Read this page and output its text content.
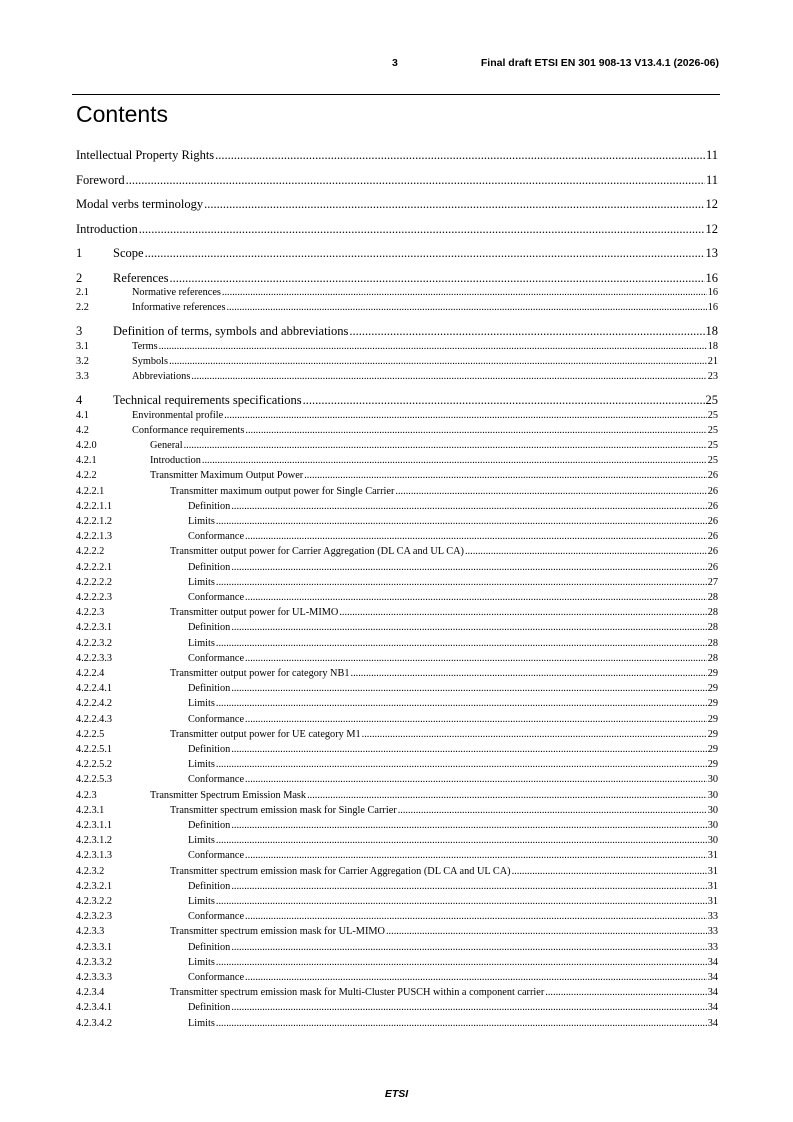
3	Final draft ETSI EN 301 908-13 V13.4.1 (2026-06)
Contents
Intellectual Property Rights .....	11
Foreword .....	11
Modal verbs terminology .....	12
Introduction .....	12
1	Scope .....	13
2	References .....	16
2.1	Normative references .....	16
2.2	Informative references .....	16
3	Definition of terms, symbols and abbreviations .....	18
3.1	Terms .....	18
3.2	Symbols .....	21
3.3	Abbreviations .....	23
4	Technical requirements specifications .....	25
4.1	Environmental profile .....	25
4.2	Conformance requirements .....	25
4.2.0	General .....	25
4.2.1	Introduction .....	25
4.2.2	Transmitter Maximum Output Power .....	26
4.2.2.1	Transmitter maximum output power for Single Carrier .....	26
4.2.2.1.1	Definition .....	26
4.2.2.1.2	Limits .....	26
4.2.2.1.3	Conformance .....	26
4.2.2.2	Transmitter output power for Carrier Aggregation (DL CA and UL CA) .....	26
4.2.2.2.1	Definition .....	26
4.2.2.2.2	Limits .....	27
4.2.2.2.3	Conformance .....	28
4.2.2.3	Transmitter output power for UL-MIMO .....	28
4.2.2.3.1	Definition .....	28
4.2.2.3.2	Limits .....	28
4.2.2.3.3	Conformance .....	28
4.2.2.4	Transmitter output power for category NB1 .....	29
4.2.2.4.1	Definition .....	29
4.2.2.4.2	Limits .....	29
4.2.2.4.3	Conformance .....	29
4.2.2.5	Transmitter output power for UE category M1 .....	29
4.2.2.5.1	Definition .....	29
4.2.2.5.2	Limits .....	29
4.2.2.5.3	Conformance .....	30
4.2.3	Transmitter Spectrum Emission Mask .....	30
4.2.3.1	Transmitter spectrum emission mask for Single Carrier .....	30
4.2.3.1.1	Definition .....	30
4.2.3.1.2	Limits .....	30
4.2.3.1.3	Conformance .....	31
4.2.3.2	Transmitter spectrum emission mask for Carrier Aggregation (DL CA and UL CA) .....	31
4.2.3.2.1	Definition .....	31
4.2.3.2.2	Limits .....	31
4.2.3.2.3	Conformance .....	33
4.2.3.3	Transmitter spectrum emission mask for UL-MIMO .....	33
4.2.3.3.1	Definition .....	33
4.2.3.3.2	Limits .....	34
4.2.3.3.3	Conformance .....	34
4.2.3.4	Transmitter spectrum emission mask for Multi-Cluster PUSCH within a component carrier .....	34
4.2.3.4.1	Definition .....	34
4.2.3.4.2	Limits .....	34
ETSI
